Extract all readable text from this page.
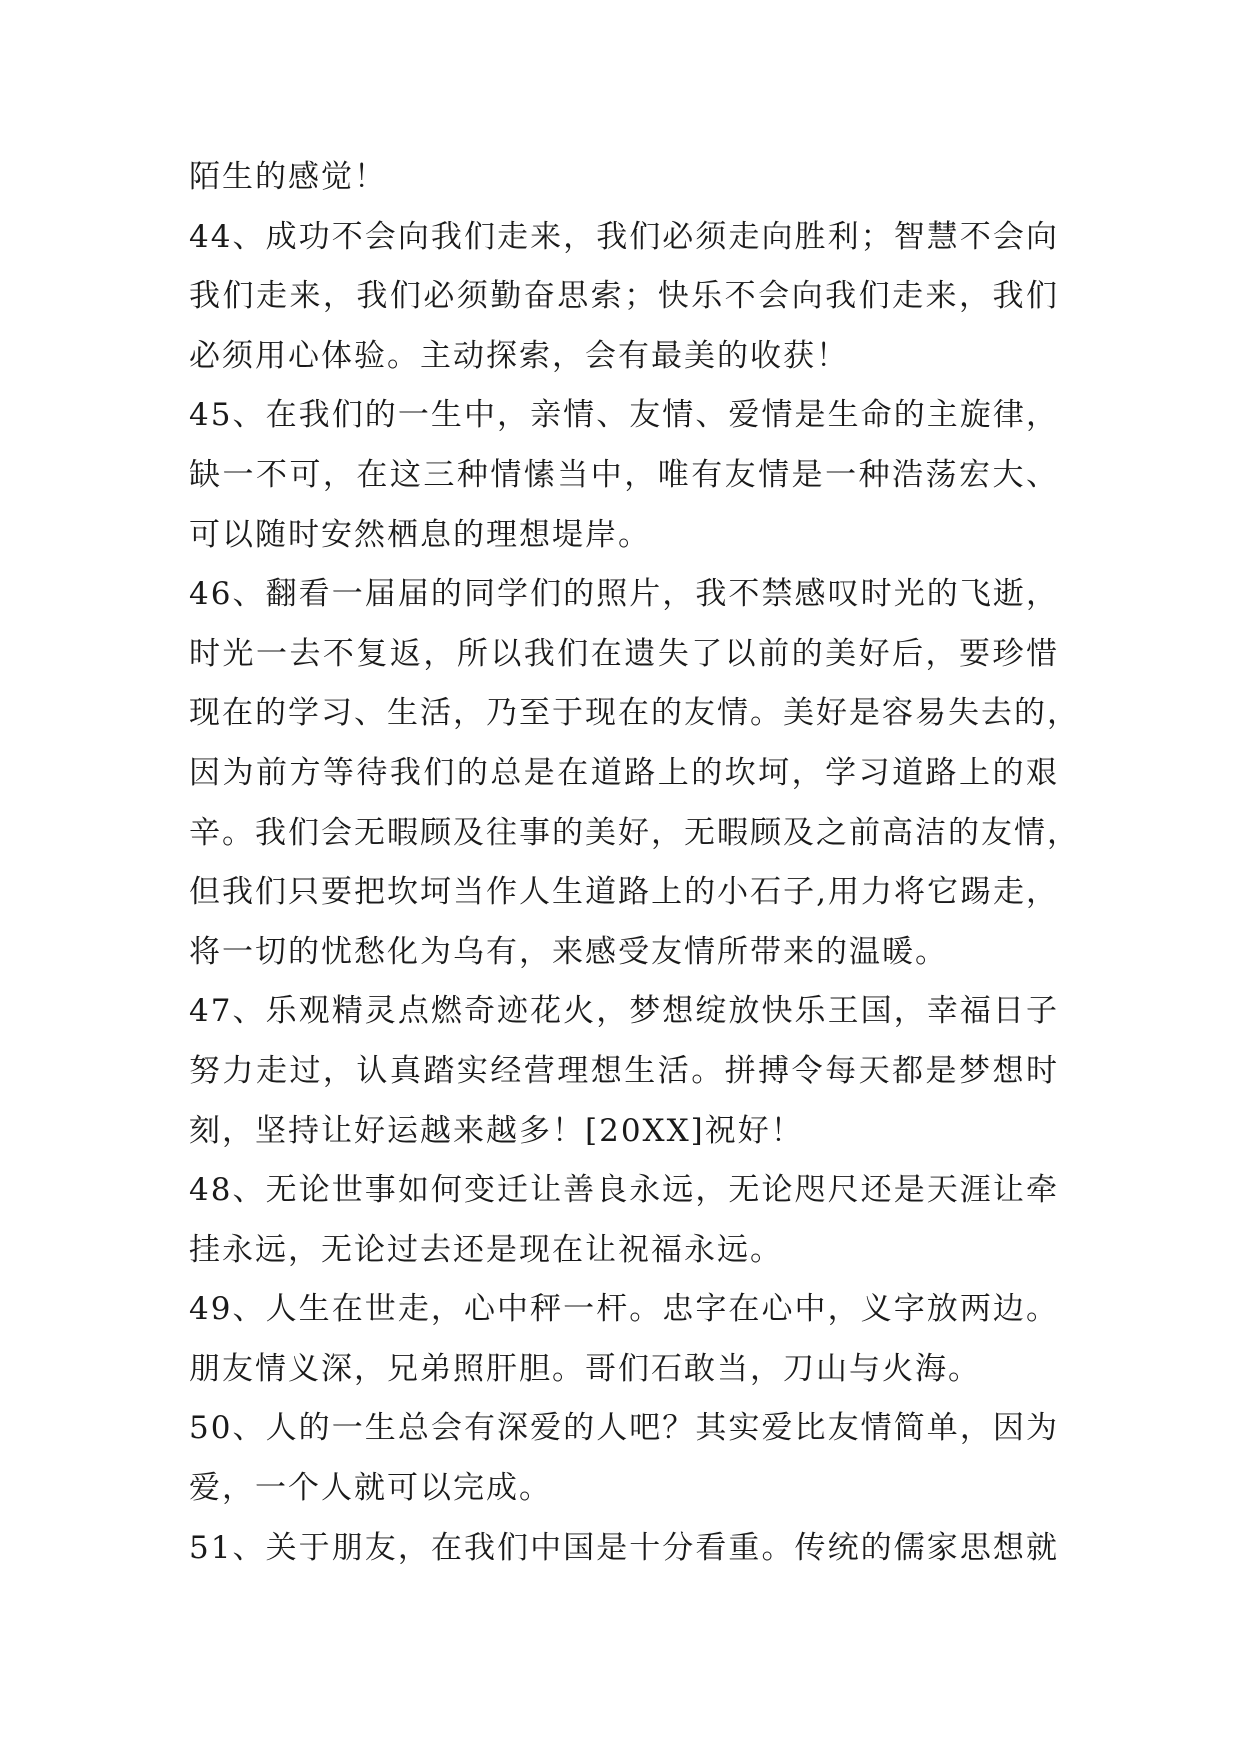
陌生的感觉！
44、成功不会向我们走来，我们必须走向胜利；智慧不会向
我们走来，我们必须勤奋思索；快乐不会向我们走来，我们
必须用心体验。主动探索，会有最美的收获！
45、在我们的一生中，亲情、友情、爱情是生命的主旋律，
缺一不可，在这三种情愫当中，唯有友情是一种浩荡宏大、
可以随时安然栖息的理想堤岸。
46、翻看一届届的同学们的照片，我不禁感叹时光的飞逝，
时光一去不复返，所以我们在遗失了以前的美好后，要珍惜
现在的学习、生活，乃至于现在的友情。美好是容易失去的，
因为前方等待我们的总是在道路上的坎坷，学习道路上的艰
辛。我们会无暇顾及往事的美好，无暇顾及之前高洁的友情，
但我们只要把坎坷当作人生道路上的小石子,用力将它踢走，
将一切的忧愁化为乌有，来感受友情所带来的温暖。
47、乐观精灵点燃奇迹花火，梦想绽放快乐王国，幸福日子
努力走过，认真踏实经营理想生活。拼搏令每天都是梦想时
刻，坚持让好运越来越多！[20XX]祝好！
48、无论世事如何变迁让善良永远，无论咫尺还是天涯让牵
挂永远，无论过去还是现在让祝福永远。
49、人生在世走，心中秤一杆。忠字在心中，义字放两边。
朋友情义深，兄弟照肝胆。哥们石敢当，刀山与火海。
50、人的一生总会有深爱的人吧？其实爱比友情简单，因为
爱，一个人就可以完成。
51、关于朋友，在我们中国是十分看重。传统的儒家思想就
